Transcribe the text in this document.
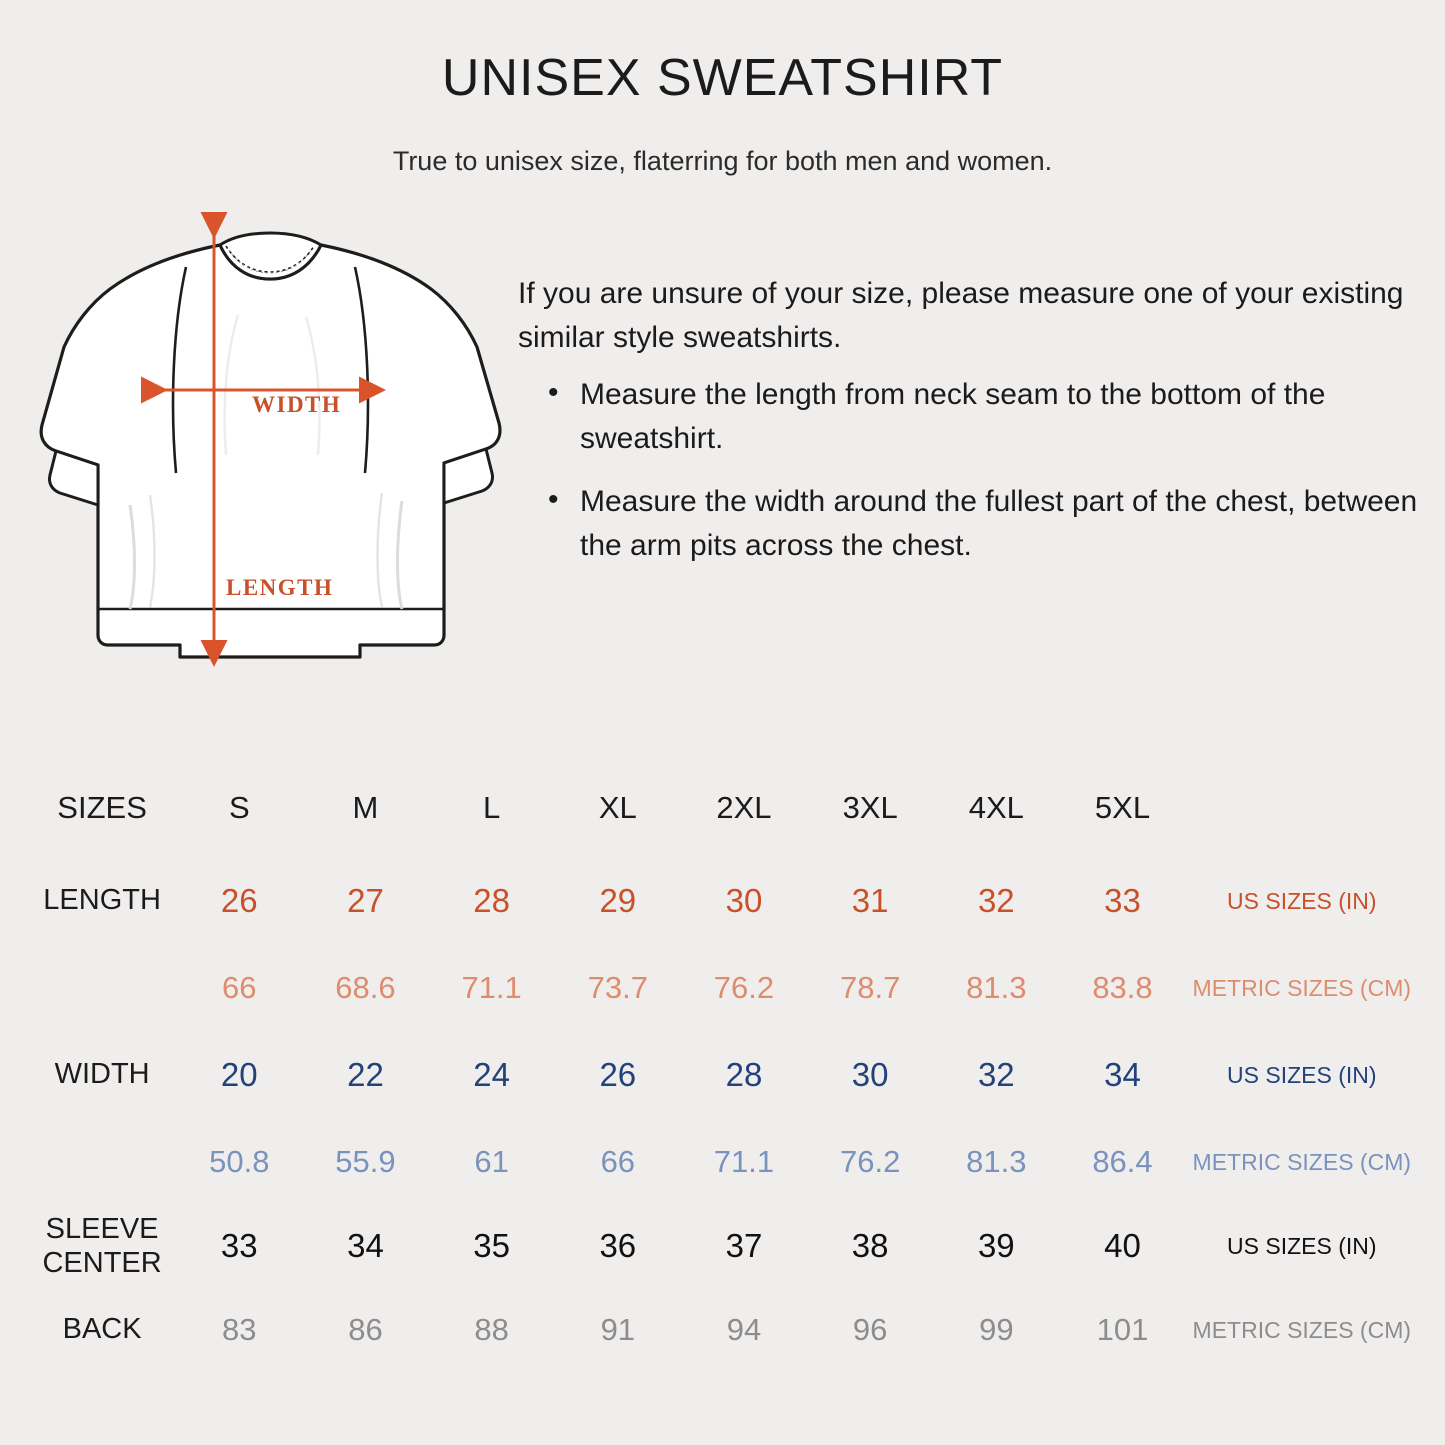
UNISEX SWEATSHIRT
True to unisex size, flaterring for both men and women.
WIDTH
LENGTH

If you are unsure of your size, please measure one of your existing similar style sweatshirts.

• Measure the length from neck seam to the bottom of the sweatshirt.
• Measure the width around the fullest part of the chest, between the arm pits across the chest.
SIZES	S	M	L	XL	2XL	3XL	4XL	5XL	
LENGTH	26	27	28	29	30	31	32	33	US SIZES (IN)
	66	68.6	71.1	73.7	76.2	78.7	81.3	83.8	METRIC SIZES (CM)
WIDTH	20	22	24	26	28	30	32	34	US SIZES (IN)
	50.8	55.9	61	66	71.1	76.2	81.3	86.4	METRIC SIZES (CM)

SLEEVE
CENTER	33	34	35	36	37	38	39	40	US SIZES (IN)
BACK	83	86	88	91	94	96	99	101	METRIC SIZES (CM)
